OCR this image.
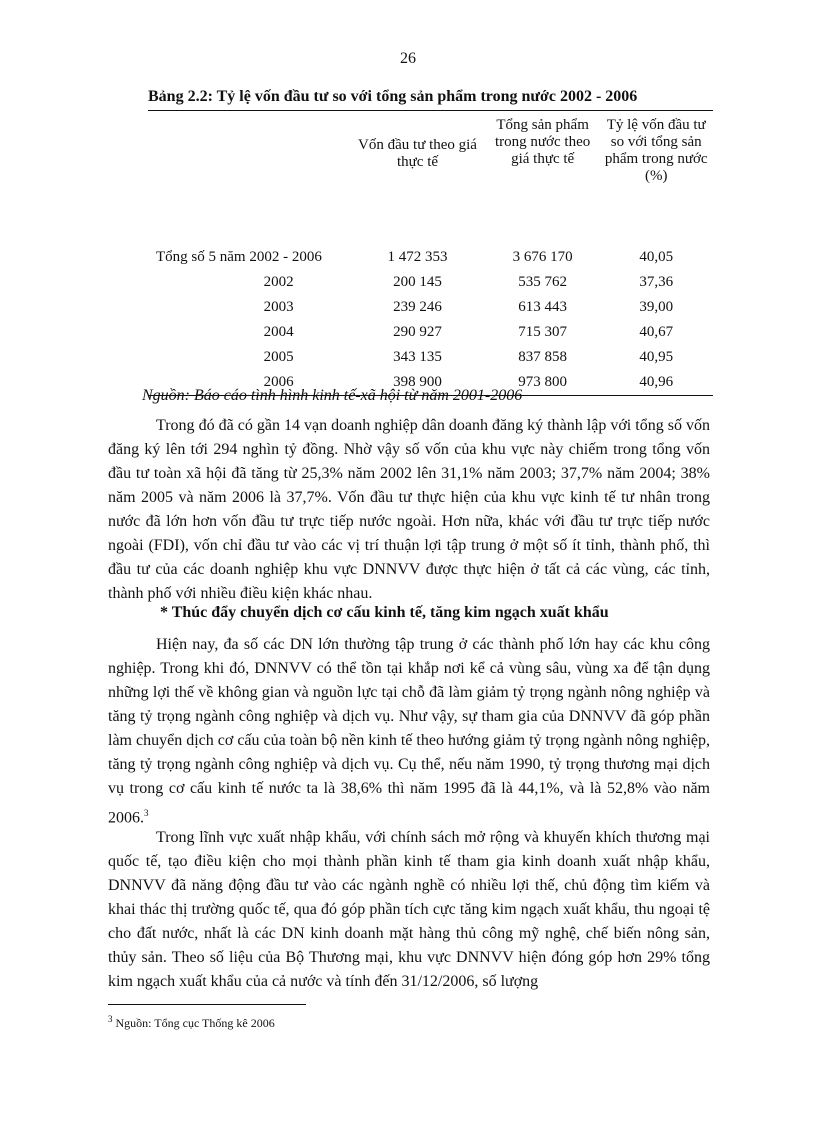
26
Bảng 2.2: Tỷ lệ vốn đầu tư so với tổng sản phẩm trong nước 2002 - 2006
	Vốn đầu tư theo giá thực tế	Tổng sản phẩm trong nước theo giá thực tế	Tỷ lệ vốn đầu tư so với tổng sản phẩm trong nước (%)
Tổng số 5 năm 2002 - 2006	1 472 353	3 676 170	40,05
2002	200 145	535 762	37,36
2003	239 246	613 443	39,00
2004	290 927	715 307	40,67
2005	343 135	837 858	40,95
2006	398 900	973 800	40,96
Nguồn: Báo cáo tình hình kinh tế-xã hội từ năm 2001-2006

Trong đó đã có gần 14 vạn doanh nghiệp dân doanh đăng ký thành lập với tổng số vốn đăng ký lên tới 294 nghìn tỷ đồng. Nhờ vậy số vốn của khu vực này chiếm trong tổng vốn đầu tư toàn xã hội đã tăng từ 25,3% năm 2002 lên 31,1% năm 2003; 37,7% năm 2004; 38% năm 2005 và năm 2006 là 37,7%. Vốn đầu tư thực hiện của khu vực kinh tế tư nhân trong nước đã lớn hơn vốn đầu tư trực tiếp nước ngoài. Hơn nữa, khác với đầu tư trực tiếp nước ngoài (FDI), vốn chỉ đầu tư vào các vị trí thuận lợi tập trung ở một số ít tỉnh, thành phố, thì đầu tư của các doanh nghiệp khu vực DNNVV được thực hiện ở tất cả các vùng, các tỉnh, thành phố với nhiều điều kiện khác nhau.

* Thúc đẩy chuyển dịch cơ cấu kinh tế, tăng kim ngạch xuất khẩu

Hiện nay, đa số các DN lớn thường tập trung ở các thành phố lớn hay các khu công nghiệp. Trong khi đó, DNNVV có thể tồn tại khắp nơi kể cả vùng sâu, vùng xa để tận dụng những lợi thế về không gian và nguồn lực tại chỗ đã làm giảm tỷ trọng ngành nông nghiệp và tăng tỷ trọng ngành công nghiệp và dịch vụ. Như vậy, sự tham gia của DNNVV đã góp phần làm chuyển dịch cơ cấu của toàn bộ nền kinh tế theo hướng giảm tỷ trọng ngành nông nghiệp, tăng tỷ trọng ngành công nghiệp và dịch vụ. Cụ thể, nếu năm 1990, tỷ trọng thương mại dịch vụ trong cơ cấu kinh tế nước ta là 38,6% thì năm 1995 đã là 44,1%, và là 52,8% vào năm 2006.$^3$

Trong lĩnh vực xuất nhập khẩu, với chính sách mở rộng và khuyến khích thương mại quốc tế, tạo điều kiện cho mọi thành phần kinh tế tham gia kinh doanh xuất nhập khẩu, DNNVV đã năng động đầu tư vào các ngành nghề có nhiều lợi thế, chủ động tìm kiếm và khai thác thị trường quốc tế, qua đó góp phần tích cực tăng kim ngạch xuất khẩu, thu ngoại tệ cho đất nước, nhất là các DN kinh doanh mặt hàng thủ công mỹ nghệ, chế biến nông sản, thủy sản. Theo số liệu của Bộ Thương mại, khu vực DNNVV hiện đóng góp hơn 29% tổng kim ngạch xuất khẩu của cả nước và tính đến 31/12/2006, số lượng

$^3$ Nguồn: Tổng cục Thống kê 2006
